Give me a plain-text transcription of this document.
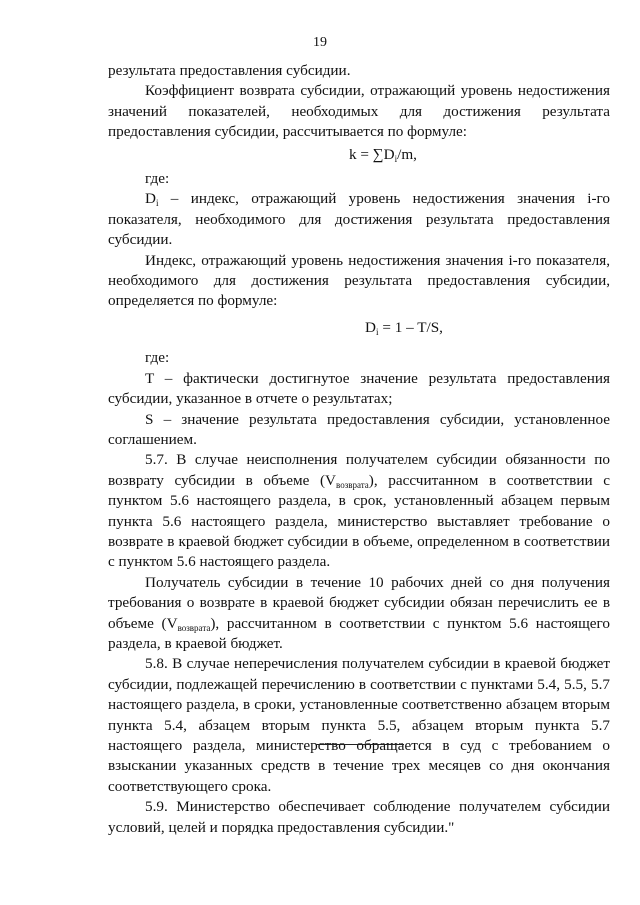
19

результата предоставления субсидии.

Коэффициент возврата субсидии, отражающий уровень недостижения значений показателей, необходимых для достижения результата предоставления субсидии, рассчитывается по формуле:

$k = \sum D_i/m$,

где:

$D_i$ – индекс, отражающий уровень недостижения значения i-го показателя, необходимого для достижения результата предоставления субсидии.

Индекс, отражающий уровень недостижения значения i-го показателя, необходимого для достижения результата предоставления субсидии, определяется по формуле:

$D_i = 1 - T/S$,

где:

T – фактически достигнутое значение результата предоставления субсидии, указанное в отчете о результатах;

S – значение результата предоставления субсидии, установленное соглашением.

5.7. В случае неисполнения получателем субсидии обязанности по возврату субсидии в объеме $(V_{возврата})$, рассчитанном в соответствии с пунктом 5.6 настоящего раздела, в срок, установленный абзацем первым пункта 5.6 настоящего раздела, министерство выставляет требование о возврате в краевой бюджет субсидии в объеме, определенном в соответствии с пунктом 5.6 настоящего раздела.

Получатель субсидии в течение 10 рабочих дней со дня получения требования о возврате в краевой бюджет субсидии обязан перечислить ее в объеме $(V_{возврата})$, рассчитанном в соответствии с пунктом 5.6 настоящего раздела, в краевой бюджет.

5.8. В случае неперечисления получателем субсидии в краевой бюджет субсидии, подлежащей перечислению в соответствии с пунктами 5.4, 5.5, 5.7 настоящего раздела, в сроки, установленные соответственно абзацем вторым пункта 5.4, абзацем вторым пункта 5.5, абзацем вторым пункта 5.7 настоящего раздела, министерство обращается в суд с требованием о взыскании указанных средств в течение трех месяцев со дня окончания соответствующего срока.

5.9. Министерство обеспечивает соблюдение получателем субсидии условий, целей и порядка предоставления субсидии."
